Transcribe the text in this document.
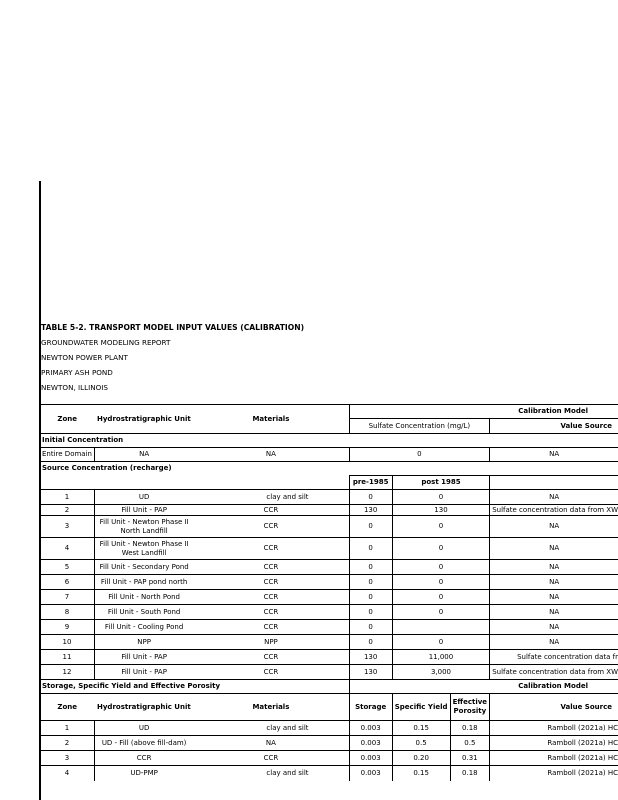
TABLE 5-2. TRANSPORT MODEL INPUT VALUES (CALIBRATION)
GROUNDWATER MODELING REPORT
NEWTON POWER PLANT
PRIMARY ASH POND
NEWTON, ILLINOIS
Zone	Hydrostratigraphic Unit	Materials	Calibration Model			
			Sulfate Concentration (mg/L)			Value Source
Initial Concentration						
Entire Domain	NA	NA	0			NA
Source Concentration (recharge)						
			pre-1985	post 1985		
1	UD	clay and silt	0	0		NA
2	Fill Unit - PAP	CCR	130	130		Sulfate concentration data from XW
3	Fill Unit - Newton Phase II North Landfill	CCR	0	0		NA
4	Fill Unit - Newton Phase II West Landfill	CCR	0	0		NA
5	Fill Unit - Secondary Pond	CCR	0	0		NA
6	Fill Unit - PAP pond north	CCR	0	0		NA
7	Fill Unit - North Pond	CCR	0	0		NA
8	Fill Unit - South Pond	CCR	0	0		NA
9	Fill Unit - Cooling Pond	CCR	0			NA
10	NPP	NPP	0	0		NA
11	Fill Unit - PAP	CCR	130	11,000		Sulfate concentration data fr
12	Fill Unit - PAP	CCR	130	3,000		Sulfate concentration data from XW
Storage, Specific Yield and Effective Porosity			Calibration Model			
Zone	Hydrostratigraphic Unit	Materials	Storage	Specific Yield	Effective Porosity	Value Source
1	UD	clay and silt	0.003	0.15	0.18	Ramboll (2021a) HC
2	UD - Fill (above fill-dam)	NA	0.003	0.5	0.5	Ramboll (2021a) HC
3	CCR	CCR	0.003	0.20	0.31	Ramboll (2021a) HC
4	UD-PMP	clay and silt	0.003	0.15	0.18	Ramboll (2021a) HC
